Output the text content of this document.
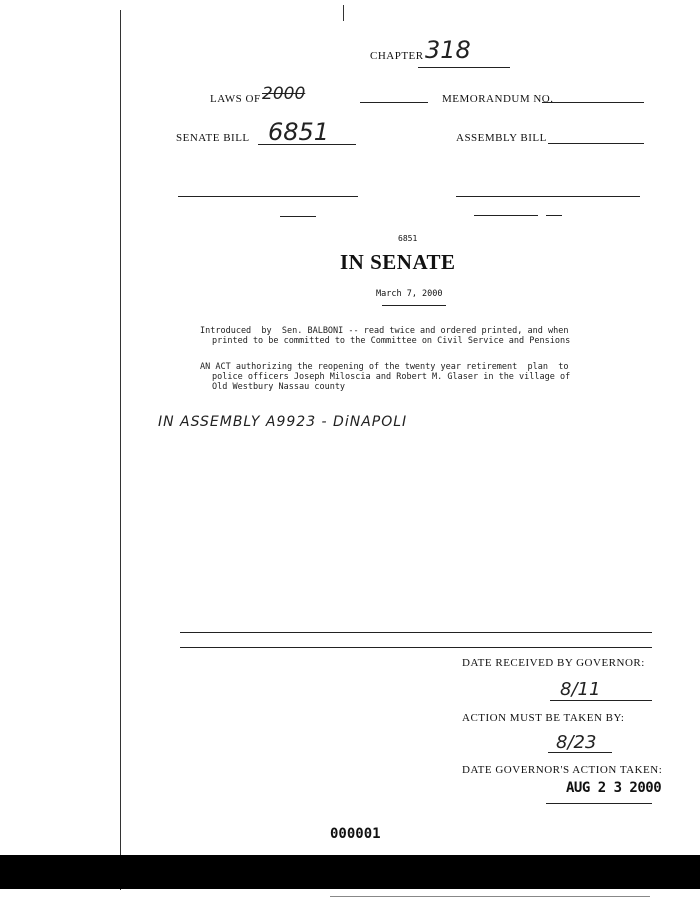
CHAPTER 318
LAWS OF 2000	MEMORANDUM NO.
SENATE BILL 6851	ASSEMBLY BILL
6851
IN SENATE
March 7, 2000
Introduced  by  Sen. BALBONI -- read twice and ordered printed, and when
printed to be committed to the Committee on Civil Service and Pensions
AN ACT authorizing the reopening of the twenty year retirement  plan  to
police officers Joseph Miloscia and Robert M. Glaser in the village of
Old Westbury Nassau county
IN ASSEMBLY A9923 - DiNAPOLI
DATE RECEIVED BY GOVERNOR:
8/11
ACTION MUST BE TAKEN BY:
8/23
DATE GOVERNOR'S ACTION TAKEN:
AUG 2 3 2000
000001
